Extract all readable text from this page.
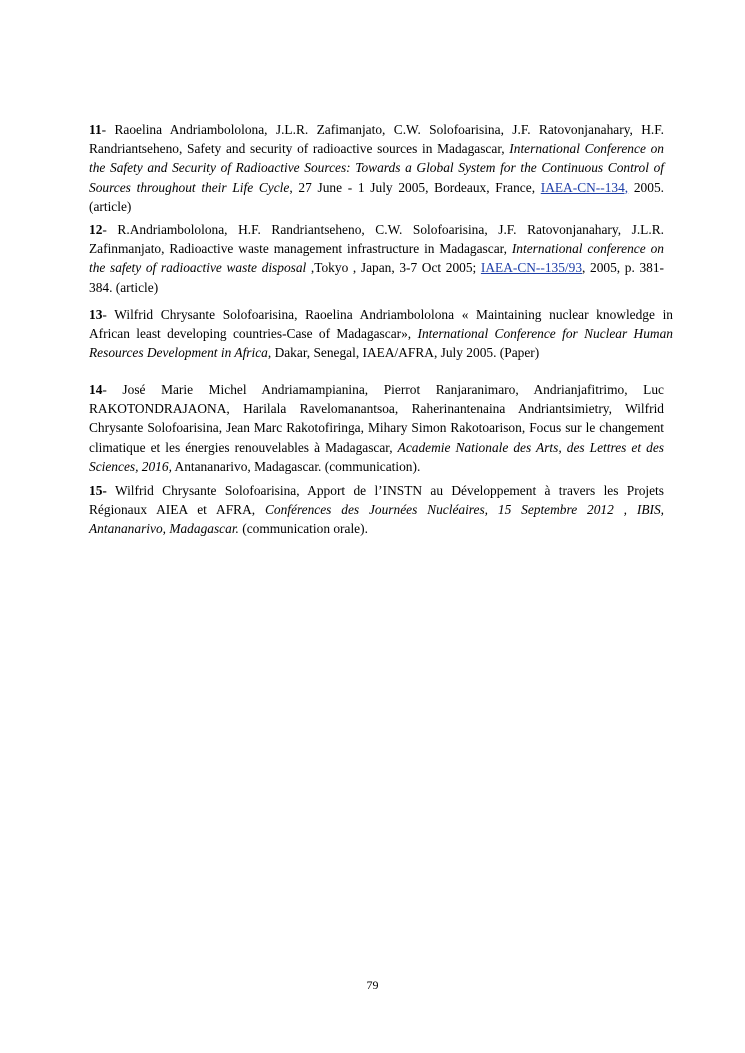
11- Raoelina Andriambololona, J.L.R. Zafimanjato, C.W. Solofoarisina, J.F. Ratovonjanahary, H.F. Randriantseheno, Safety and security of radioactive sources in Madagascar, International Conference on the Safety and Security of Radioactive Sources: Towards a Global System for the Continuous Control of Sources throughout their Life Cycle, 27 June - 1 July 2005, Bordeaux, France, IAEA-CN--134, 2005.(article)

12- R.Andriambololona, H.F. Randriantseheno, C.W. Solofoarisina, J.F. Ratovonjanahary, J.L.R. Zafinmanjato, Radioactive waste management infrastructure in Madagascar, International conference on the safety of radioactive waste disposal ,Tokyo , Japan, 3-7 Oct 2005; IAEA-CN--135/93, 2005, p. 381-384. (article)

13- Wilfrid Chrysante Solofoarisina, Raoelina Andriambololona « Maintaining nuclear knowledge in African least developing countries-Case of Madagascar», International Conference for Nuclear Human Resources Development in Africa, Dakar, Senegal, IAEA/AFRA, July 2005. (Paper)

14- José Marie Michel Andriamampianina, Pierrot Ranjaranimaro, Andrianjafitrimo, Luc RAKOTONDRAJAONA, Harilala Ravelomanantsoa, Raherinantenaina Andriantsimietry, Wilfrid Chrysante Solofoarisina, Jean Marc Rakotofiringa, Mihary Simon Rakotoarison, Focus sur le changement climatique et les énergies renouvelables à Madagascar, Academie Nationale des Arts, des Lettres et des Sciences, 2016, Antananarivo, Madagascar. (communication).

15- Wilfrid Chrysante Solofoarisina, Apport de l’INSTN au Développement à travers les Projets Régionaux AIEA et AFRA, Conférences des Journées Nucléaires, 15 Septembre 2012 , IBIS, Antananarivo, Madagascar. (communication orale).

79
